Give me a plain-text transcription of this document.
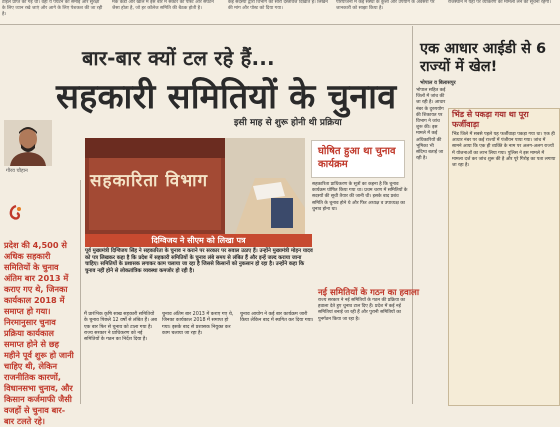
र्टाइल प्राप्त की गई थी। वहाँ ये पर्यटन को समाई और सुरक्षा के लिए ध्यान रखे जाएं और आगे के लिए पेशकश की जा रही है।
मेक केडी और खाल में इस बारे में सेक्टर की पोस्ट और संघटन जैसा होता है, जो हर कॉलेज समिति की बैठक होती है।
कई सदस्यों द्वारा विभाग का सारा दस्तावेज दिखाते हैं। लिखने की मांग और पोस्ट को दिया गया।
परियोजना में कई संस्था के कुत्तों और उपयोग के अवसरों पर जानकारी को साझा किया है।
राजस्थान में यहां पर व्याकरण का मामला लेने की सूचना रहेगी।
बार-बार क्यों टल रहे हैं...
सहकारी समितियों के चुनाव
इसी माह से शुरू होनी थी प्रक्रिया
गौरव चौहान
प्रदेश की 4,500 से अधिक सहकारी समितियों के चुनाव अंतिम बार 2013 में कराए गए थे, जिनका कार्यकाल 2018 में समाप्त हो गया। निरमानुसार चुनाव प्रक्रिया कार्यकाल समाप्त होने से छह महीने पूर्व शुरू हो जानी चाहिए थी, लेकिन राजनीतिक कारणों, विधानसभा चुनाव, और किसान कर्जमाफी जैसी वजहों से चुनाव बार-बार टलते रहे।
सहकारिता विभाग
दिग्विजय ने सीएम को लिखा पत्र
पूर्व मुख्यमंत्री दिग्विजय सिंह ने सहकारिता के चुनाव न कराने पर सरकार पर सवाल उठाए हैं। उन्होंने मुख्यमंत्री मोहन यादव को पत्र लिखकर कहा है कि प्रदेश में सहकारी समितियों के चुनाव लंबे समय से लंबित हैं और इन्हें जल्द कराया जाना चाहिए। समितियों के प्रशासक लगाकर काम चलाया जा रहा है जिससे किसानों को नुकसान हो रहा है। उन्होंने कहा कि चुनाव नहीं होने से लोकतांत्रिक व्यवस्था कमजोर हो रही है।
घोषित हुआ था चुनाव कार्यक्रम
सहकारिता प्राधिकरण के सूत्रों का कहना है कि चुनाव कार्यक्रम घोषित किया गया था। प्रथम चरण में समितियों के सदस्यों की सूची तैयार की जानी थी। इसके बाद प्रबंध समिति के चुनाव होने थे और फिर अध्यक्ष व उपाध्यक्ष का चुनाव होना था।
नई समितियों के गठन का हवाला
राज्य सरकार ने नई समितियों के गठन की प्रक्रिया का हवाला देते हुए चुनाव टाल दिए हैं। प्रदेश में कई नई समितियां बनाई जा रही हैं और पुरानी समितियों का पुनर्गठन किया जा रहा है।
मैं प्रारंभिक कृषि साख सहकारी समितियों के चुनाव पिछले 12 वर्षों से लंबित हैं। अब एक बार फिर से चुनाव को टाला गया है। राज्य सरकार ने प्राधिकरण को नई समितियों के गठन का निर्देश दिया है।
चुनाव अंतिम बार 2013 में कराए गए थे, जिनका कार्यकाल 2018 में समाप्त हो गया। इसके बाद से प्रशासक नियुक्त कर काम चलाया जा रहा है।
चुनाव आयोग ने कई बार कार्यक्रम जारी किया लेकिन बाद में स्थगित कर दिया गया।
एक आधार आईडी से 6 राज्यों में खेल!
भोपाल व बिलासपुर
भोपाल सहित कई जिलों में जांच की जा रही है। आधार नंबर के दुरुपयोग की शिकायत पर विभाग ने जांच शुरू की। इस मामले में कई अधिकारियों की भूमिका भी संदिग्ध बताई जा रही है।
भिंड से पकड़ा गया था पूरा फर्जीवाड़ा
भिंड जिले में सबसे पहले यह फर्जीवाड़ा पकड़ा गया था। एक ही आधार नंबर पर कई राज्यों में पंजीयन पाया गया। जांच में सामने आया कि एक ही व्यक्ति के नाम पर अलग-अलग राज्यों में योजनाओं का लाभ लिया गया। पुलिस ने इस मामले में मामला दर्ज कर जांच शुरू की है और पूरे गिरोह का पता लगाया जा रहा है।
